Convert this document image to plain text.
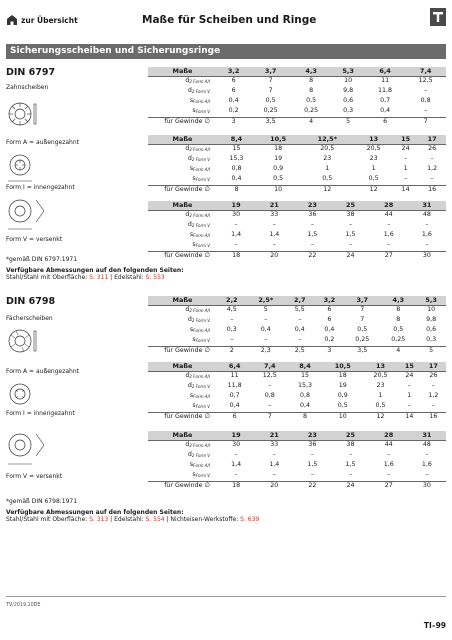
zur Übersicht	Maße für Scheiben und Ringe
Sicherungsscheiben und Sicherungsringe
DIN 6797
Zahnscheiben
Form A = außengezahnt
Form I = innengezahnt
Form V = versenkt
*gemäß DIN 6797:1971
Maße	3,2	3,7	4,3	5,3	6,4	7,4
$d_{2 Form A/I}$	6	7	8	10	11	12,5
$d_{2 Form V}$	6	7	8	9,8	11,8	–
$s_{Form A/I}$	0,4	0,5	0,5	0,6	0,7	0,8
$s_{Form V}$	0,2	0,25	0,25	0,3	0,4	–
für Gewinde ∅	3	3,5	4	5	6	7
Maße	8,4	10,5	12,5*	13	15	17
$d_{2 Form A/I}$	15	18	20,5	20,5	24	26
$d_{2 Form V}$	15,3	19	23	23	–	–
$s_{Form A/I}$	0,8	0,9	1	1	1	1,2
$s_{Form V}$	0,4	0,5	0,5	0,5	–	–
für Gewinde ∅	8	10	12	12	14	16
Maße	19	21	23	25	28	31
$d_{2 Form A/I}$	30	33	36	38	44	48
$d_{2 Form V}$	–	–	–	–	–	–
$s_{Form A/I}$	1,4	1,4	1,5	1,5	1,6	1,6
$s_{Form V}$	–	–	–	–	–	–
für Gewinde ∅	18	20	22	24	27	30
Verfügbare Abmessungen auf den folgenden Seiten:
Stahl/Stahl mit Oberfläche: S. 311 | Edelstahl: S. 553
DIN 6798
Fächerscheiben
Form A = außengezahnt
Form I = innengezahnt
Form V = versenkt
*gemäß DIN 6798:1971
Maße	2,2	2,5*	2,7	3,2	3,7	4,3	5,3
$d_{2 Form A/I}$	4,5	5	5,5	6	7	8	10
$d_{2 Form V}$	–	–	–	6	7	8	9,8
$s_{Form A/I}$	0,3	0,4	0,4	0,4	0,5	0,5	0,6
$s_{Form V}$	–	–	–	0,2	0,25	0,25	0,3
für Gewinde ∅	2	2,3	2,5	3	3,5	4	5
Maße	6,4	7,4	8,4	10,5	13	15	17
$d_{2 Form A/I}$	11	12,5	15	18	20,5	24	26
$d_{2 Form V}$	11,8	–	15,3	19	23	–	–
$s_{Form A/I}$	0,7	0,8	0,8	0,9	1	1	1,2
$s_{Form V}$	0,4	–	0,4	0,5	0,5	–	–
für Gewinde ∅	6	7	8	10	12	14	16
Maße	19	21	23	25	28	31	
$d_{2 Form A/I}$	30	33	36	38	44	48	
$d_{2 Form V}$	–	–	–	–	–	–	
$s_{Form A/I}$	1,4	1,4	1,5	1,5	1,6	1,6	
$s_{Form V}$	–	–	–	–	–	–	
für Gewinde ∅	18	20	22	24	27	30	
Verfügbare Abmessungen auf den folgenden Seiten:
Stahl/Stahl mit Oberfläche: S. 313 | Edelstahl: S. 554 | Nichteisen-Werkstoffe: S. 639
TV/2019.10DE
TI–99
